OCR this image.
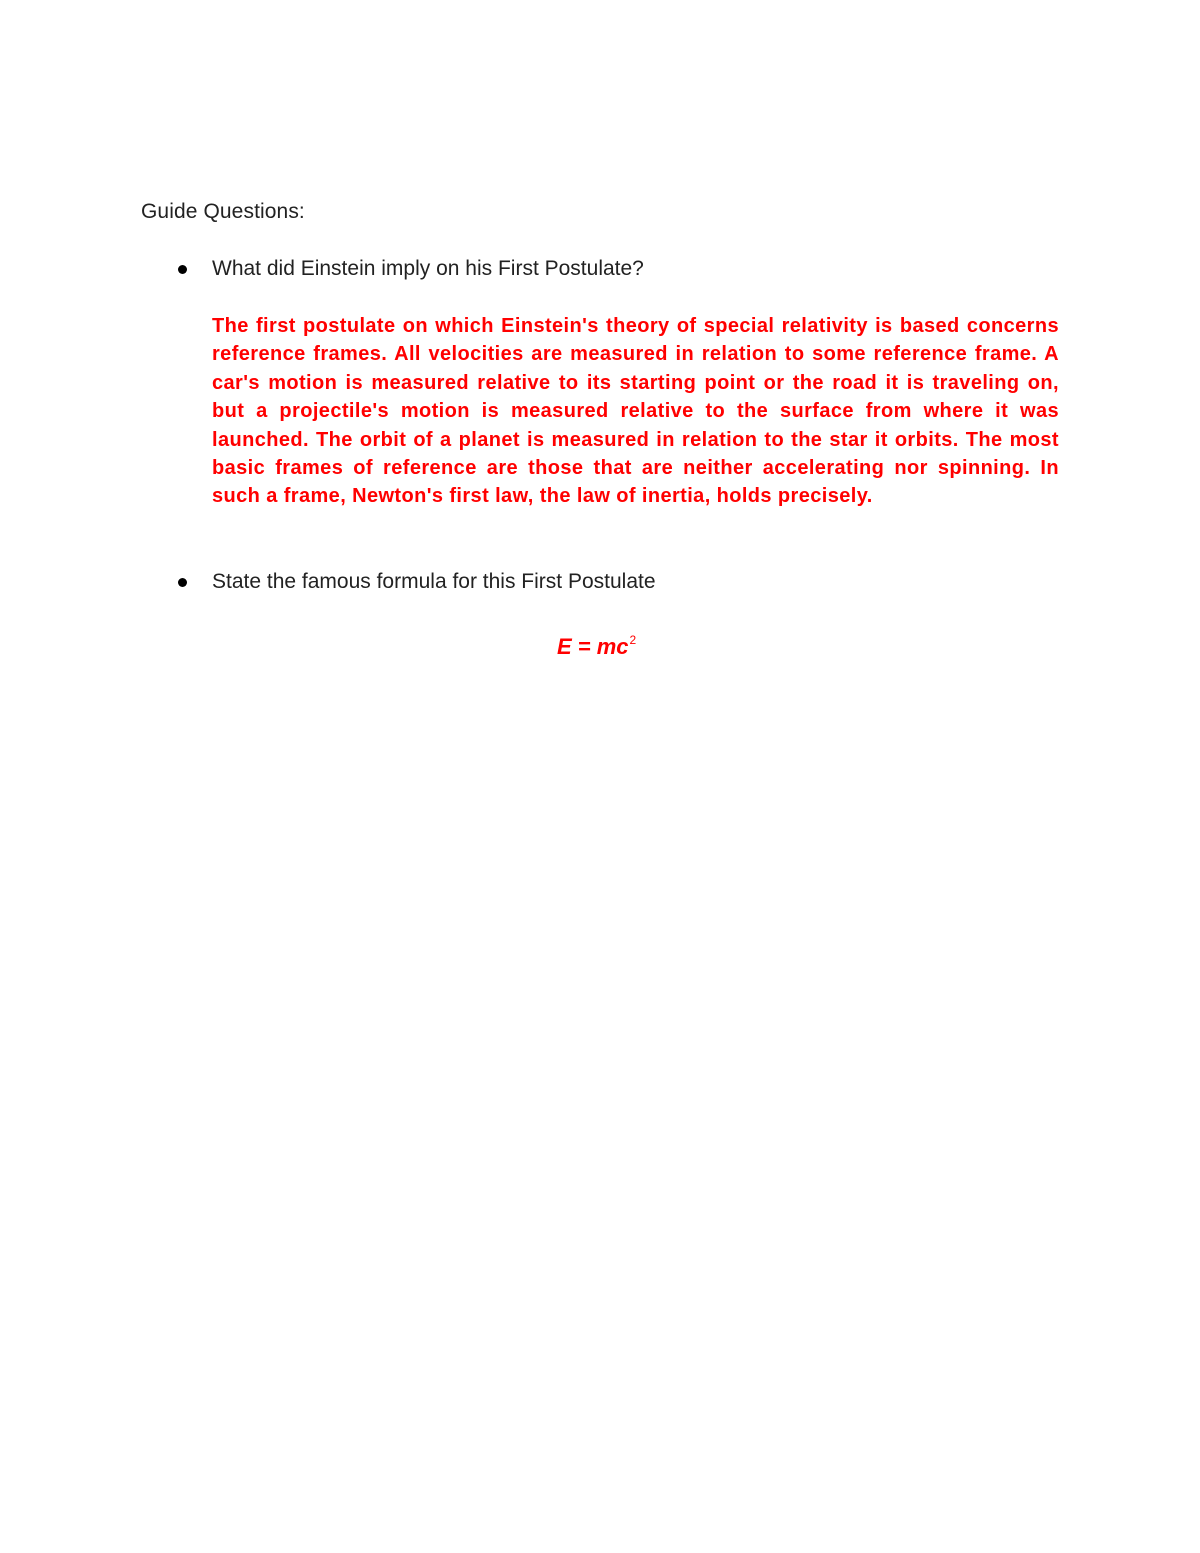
Guide Questions:
What did Einstein imply on his First Postulate?
The first postulate on which Einstein's theory of special relativity is based concerns reference frames. All velocities are measured in relation to some reference frame. A car's motion is measured relative to its starting point or the road it is traveling on, but a projectile's motion is measured relative to the surface from where it was launched. The orbit of a planet is measured in relation to the star it orbits. The most basic frames of reference are those that are neither accelerating nor spinning. In such a frame, Newton's first law, the law of inertia, holds precisely.
State the famous formula for this First Postulate
$E = mc^2$
